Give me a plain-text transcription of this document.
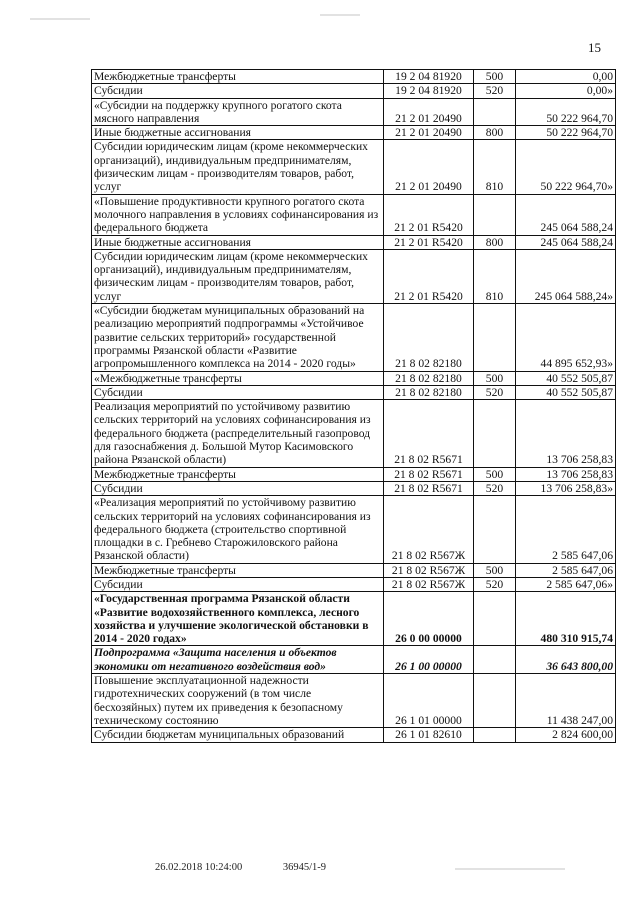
15
Межбюджетные трансферты	19 2 04 81920	500	0,00
Субсидии	19 2 04 81920	520	0,00»
«Субсидии на поддержку крупного рогатого скота мясного направления	21 2 01 20490		50 222 964,70
Иные бюджетные ассигнования	21 2 01 20490	800	50 222 964,70
Субсидии юридическим лицам (кроме некоммерческих организаций), индивидуальным предпринимателям, физическим лицам - производителям товаров, работ, услуг	21 2 01 20490	810	50 222 964,70»
«Повышение продуктивности крупного рогатого скота молочного направления в условиях софинансирования из федерального бюджета	21 2 01 R5420		245 064 588,24
Иные бюджетные ассигнования	21 2 01 R5420	800	245 064 588,24
Субсидии юридическим лицам (кроме некоммерческих организаций), индивидуальным предпринимателям, физическим лицам - производителям товаров, работ, услуг	21 2 01 R5420	810	245 064 588,24»
«Субсидии бюджетам муниципальных образований на реализацию мероприятий подпрограммы «Устойчивое развитие сельских территорий» государственной программы Рязанской области «Развитие агропромышленного комплекса на 2014 - 2020 годы»	21 8 02 82180		44 895 652,93»
«Межбюджетные трансферты	21 8 02 82180	500	40 552 505,87
Субсидии	21 8 02 82180	520	40 552 505,87
Реализация мероприятий по устойчивому развитию сельских территорий на условиях софинансирования из федерального бюджета (распределительный газопровод для газоснабжения д. Большой Мутор Касимовского района Рязанской области)	21 8 02 R5671		13 706 258,83
Межбюджетные трансферты	21 8 02 R5671	500	13 706 258,83
Субсидии	21 8 02 R5671	520	13 706 258,83»
«Реализация мероприятий по устойчивому развитию сельских территорий на условиях софинансирования из федерального бюджета (строительство спортивной площадки в с. Гребнево Старожиловского района Рязанской области)	21 8 02 R567Ж		2 585 647,06
Межбюджетные трансферты	21 8 02 R567Ж	500	2 585 647,06
Субсидии	21 8 02 R567Ж	520	2 585 647,06»
«Государственная программа Рязанской области «Развитие водохозяйственного комплекса, лесного хозяйства и улучшение экологической обстановки в 2014 - 2020 годах»	26 0 00 00000		480 310 915,74
Подпрограмма «Защита населения и объектов экономики от негативного воздействия вод»	26 1 00 00000		36 643 800,00
Повышение эксплуатационной надежности гидротехнических сооружений (в том числе бесхозяйных) путем их приведения к безопасному техническому состоянию	26 1 01 00000		11 438 247,00
Субсидии бюджетам муниципальных образований	26 1 01 82610		2 824 600,00
26.02.2018 10:24:00	36945/1-9
